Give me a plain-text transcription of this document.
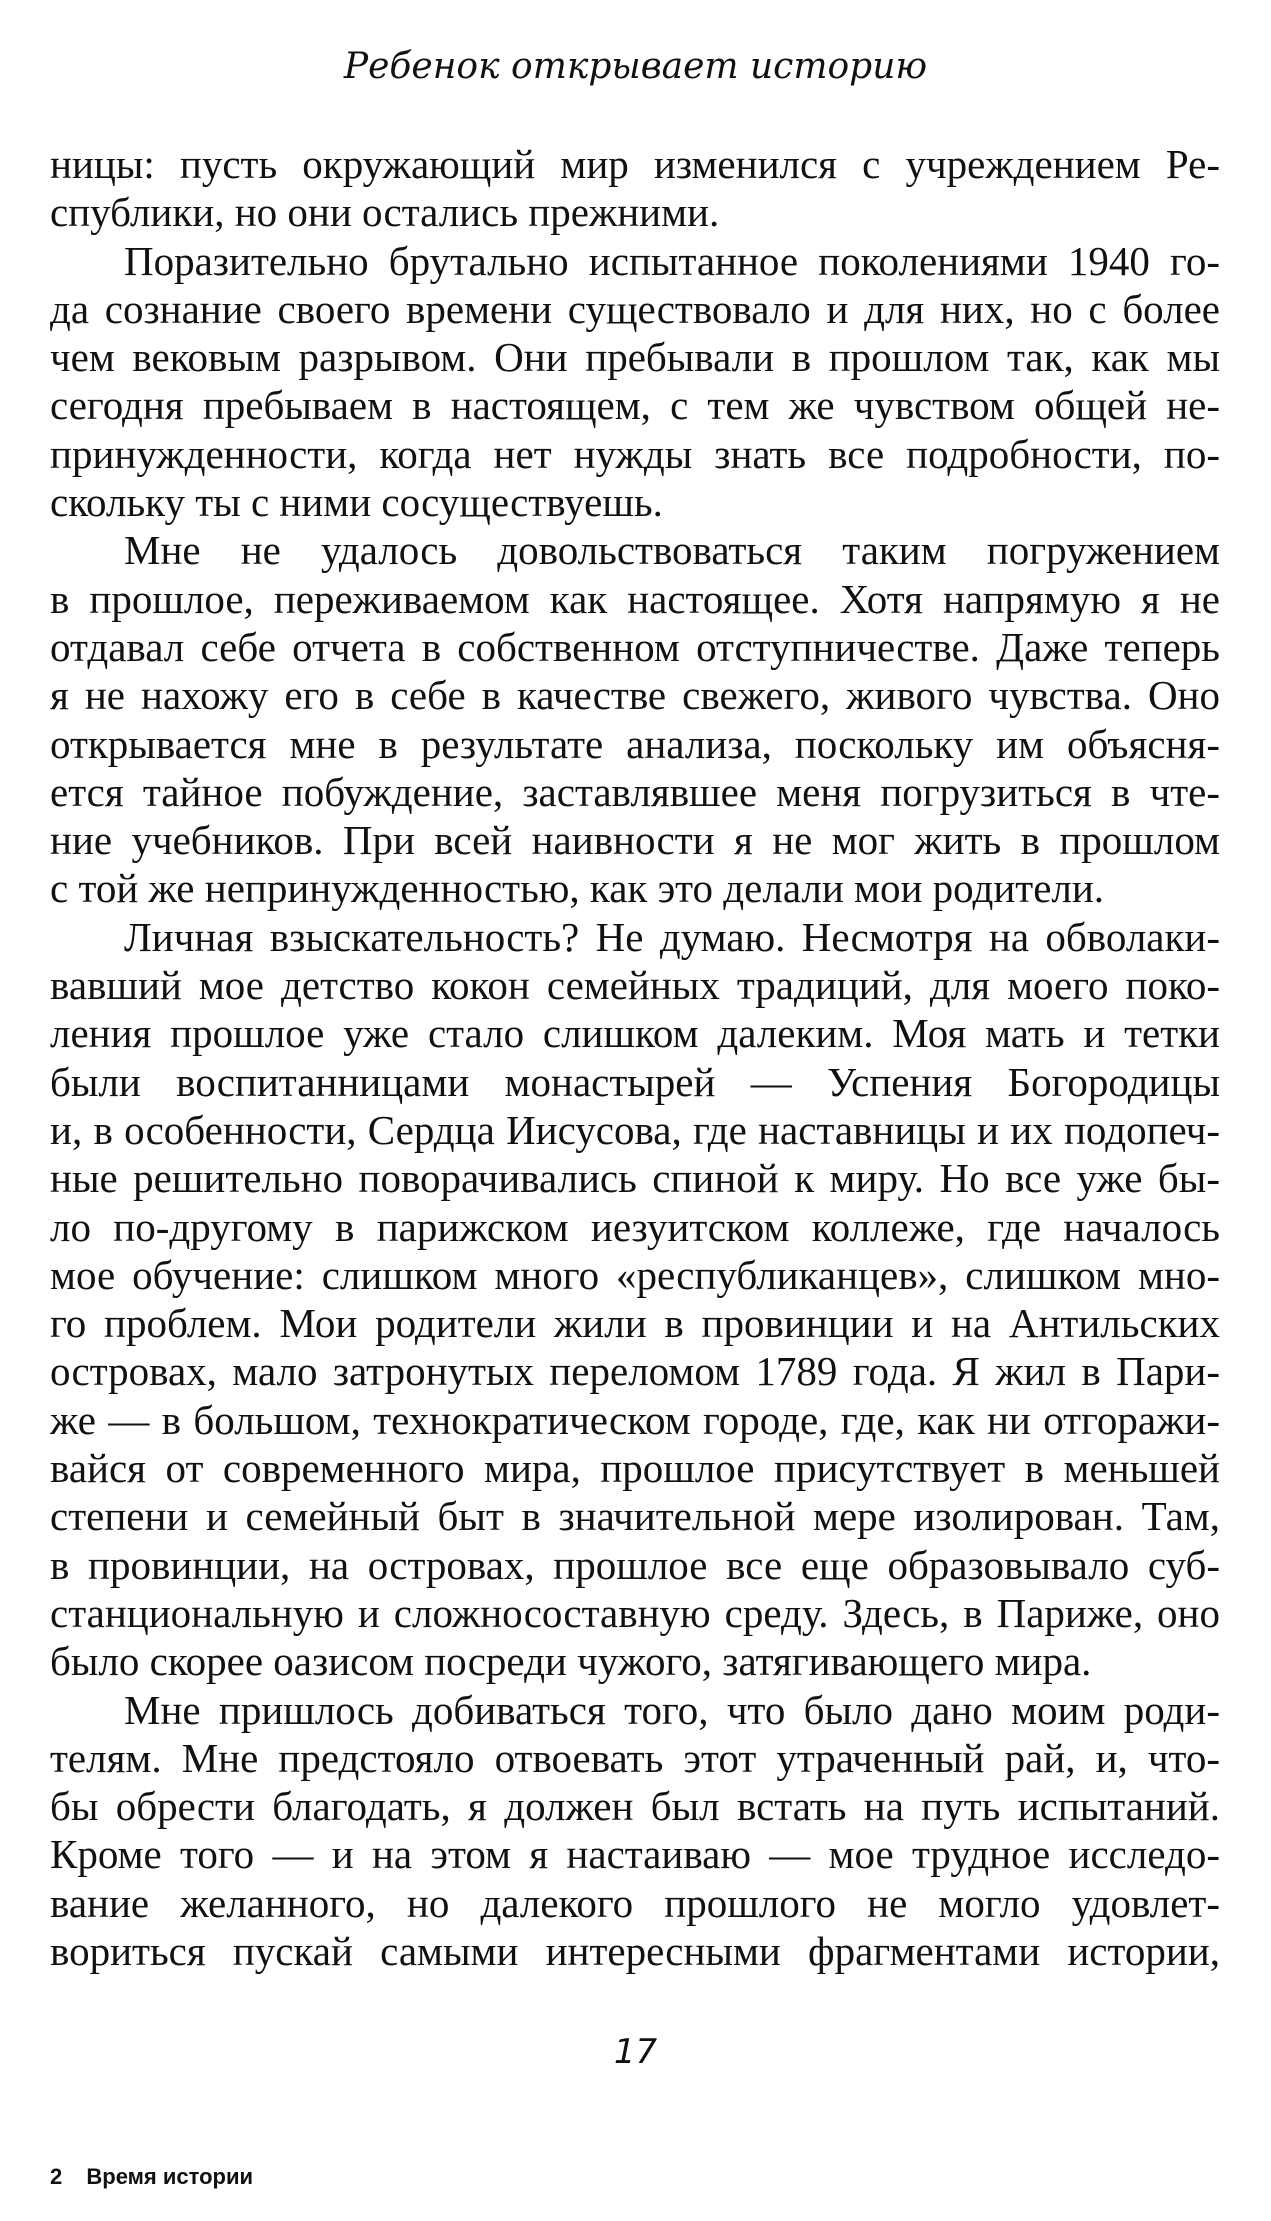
Ребенок открывает историю
ницы: пусть окружающий мир изменился с учреждением Ре-
спублики, но они остались прежними.
Поразительно брутально испытанное поколениями 1940 го-
да сознание своего времени существовало и для них, но с более
чем вековым разрывом. Они пребывали в прошлом так, как мы
сегодня пребываем в настоящем, с тем же чувством общей не-
принужденности, когда нет нужды знать все подробности, по-
скольку ты с ними сосуществуешь.
Мне не удалось довольствоваться таким погружением
в прошлое, переживаемом как настоящее. Хотя напрямую я не
отдавал себе отчета в собственном отступничестве. Даже теперь
я не нахожу его в себе в качестве свежего, живого чувства. Оно
открывается мне в результате анализа, поскольку им объясня-
ется тайное побуждение, заставлявшее меня погрузиться в чте-
ние учебников. При всей наивности я не мог жить в прошлом
с той же непринужденностью, как это делали мои родители.
Личная взыскательность? Не думаю. Несмотря на обволаки-
вавший мое детство кокон семейных традиций, для моего поко-
ления прошлое уже стало слишком далеким. Моя мать и тетки
были воспитанницами монастырей — Успения Богородицы
и, в особенности, Сердца Иисусова, где наставницы и их подопеч-
ные решительно поворачивались спиной к миру. Но все уже бы-
ло по-другому в парижском иезуитском коллеже, где началось
мое обучение: слишком много «республиканцев», слишком мно-
го проблем. Мои родители жили в провинции и на Антильских
островах, мало затронутых переломом 1789 года. Я жил в Пари-
же — в большом, технократическом городе, где, как ни отгоражи-
вайся от современного мира, прошлое присутствует в меньшей
степени и семейный быт в значительной мере изолирован. Там,
в провинции, на островах, прошлое все еще образовывало суб-
станциональную и сложносоставную среду. Здесь, в Париже, оно
было скорее оазисом посреди чужого, затягивающего мира.
Мне пришлось добиваться того, что было дано моим роди-
телям. Мне предстояло отвоевать этот утраченный рай, и, что-
бы обрести благодать, я должен был встать на путь испытаний.
Кроме того — и на этом я настаиваю — мое трудное исследо-
вание желанного, но далекого прошлого не могло удовлет-
вориться пускай самыми интересными фрагментами истории,
17
2 Время истории
